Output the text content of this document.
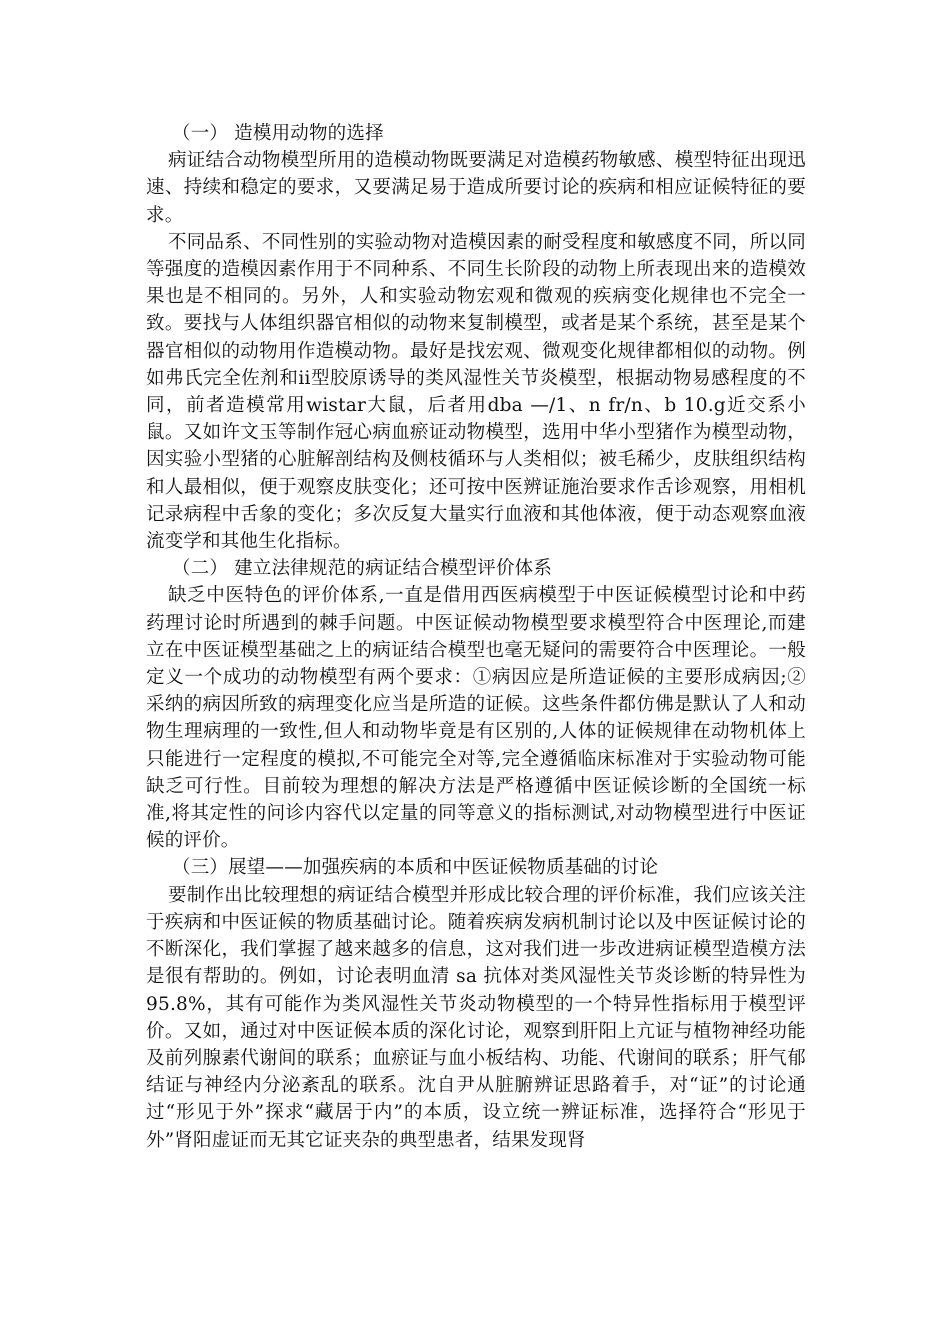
（一） 造模用动物的选择

病证结合动物模型所用的造模动物既要满足对造模药物敏感、模型特征出现迅速、持续和稳定的要求，又要满足易于造成所要讨论的疾病和相应证候特征的要求。

不同品系、不同性别的实验动物对造模因素的耐受程度和敏感度不同，所以同等强度的造模因素作用于不同种系、不同生长阶段的动物上所表现出来的造模效果也是不相同的。另外，人和实验动物宏观和微观的疾病变化规律也不完全一致。要找与人体组织器官相似的动物来复制模型，或者是某个系统，甚至是某个器官相似的动物用作造模动物。最好是找宏观、微观变化规律都相似的动物。例如弗氏完全佐剂和ii型胶原诱导的类风湿性关节炎模型，根据动物易感程度的不同，前者造模常用wistar大鼠，后者用dba —/1、n fr/n、b 10.g近交系小鼠。又如许文玉等制作冠心病血瘀证动物模型，选用中华小型猪作为模型动物，因实验小型猪的心脏解剖结构及侧枝循环与人类相似；被毛稀少，皮肤组织结构和人最相似，便于观察皮肤变化；还可按中医辨证施治要求作舌诊观察，用相机记录病程中舌象的变化；多次反复大量实行血液和其他体液，便于动态观察血液流变学和其他生化指标。

（二） 建立法律规范的病证结合模型评价体系

缺乏中医特色的评价体系,一直是借用西医病模型于中医证候模型讨论和中药药理讨论时所遇到的棘手问题。中医证候动物模型要求模型符合中医理论,而建立在中医证模型基础之上的病证结合模型也毫无疑问的需要符合中医理论。一般定义一个成功的动物模型有两个要求：①病因应是所造证候的主要形成病因;② 采纳的病因所致的病理变化应当是所造的证候。这些条件都仿佛是默认了人和动物生理病理的一致性,但人和动物毕竟是有区别的,人体的证候规律在动物机体上只能进行一定程度的模拟,不可能完全对等,完全遵循临床标准对于实验动物可能缺乏可行性。目前较为理想的解决方法是严格遵循中医证候诊断的全国统一标准,将其定性的问诊内容代以定量的同等意义的指标测试,对动物模型进行中医证候的评价。

（三）展望——加强疾病的本质和中医证候物质基础的讨论

要制作出比较理想的病证结合模型并形成比较合理的评价标准，我们应该关注于疾病和中医证候的物质基础讨论。随着疾病发病机制讨论以及中医证候讨论的不断深化，我们掌握了越来越多的信息，这对我们进一步改进病证模型造模方法是很有帮助的。例如，讨论表明血清 sa 抗体对类风湿性关节炎诊断的特异性为95.8%，其有可能作为类风湿性关节炎动物模型的一个特异性指标用于模型评价。又如，通过对中医证候本质的深化讨论，观察到肝阳上亢证与植物神经功能及前列腺素代谢间的联系；血瘀证与血小板结构、功能、代谢间的联系；肝气郁结证与神经内分泌紊乱的联系。沈自尹从脏腑辨证思路着手，对“证”的讨论通过“形见于外”探求“藏居于内”的本质，设立统一辨证标准，选择符合“形见于外”肾阳虚证而无其它证夹杂的典型患者，结果发现肾
